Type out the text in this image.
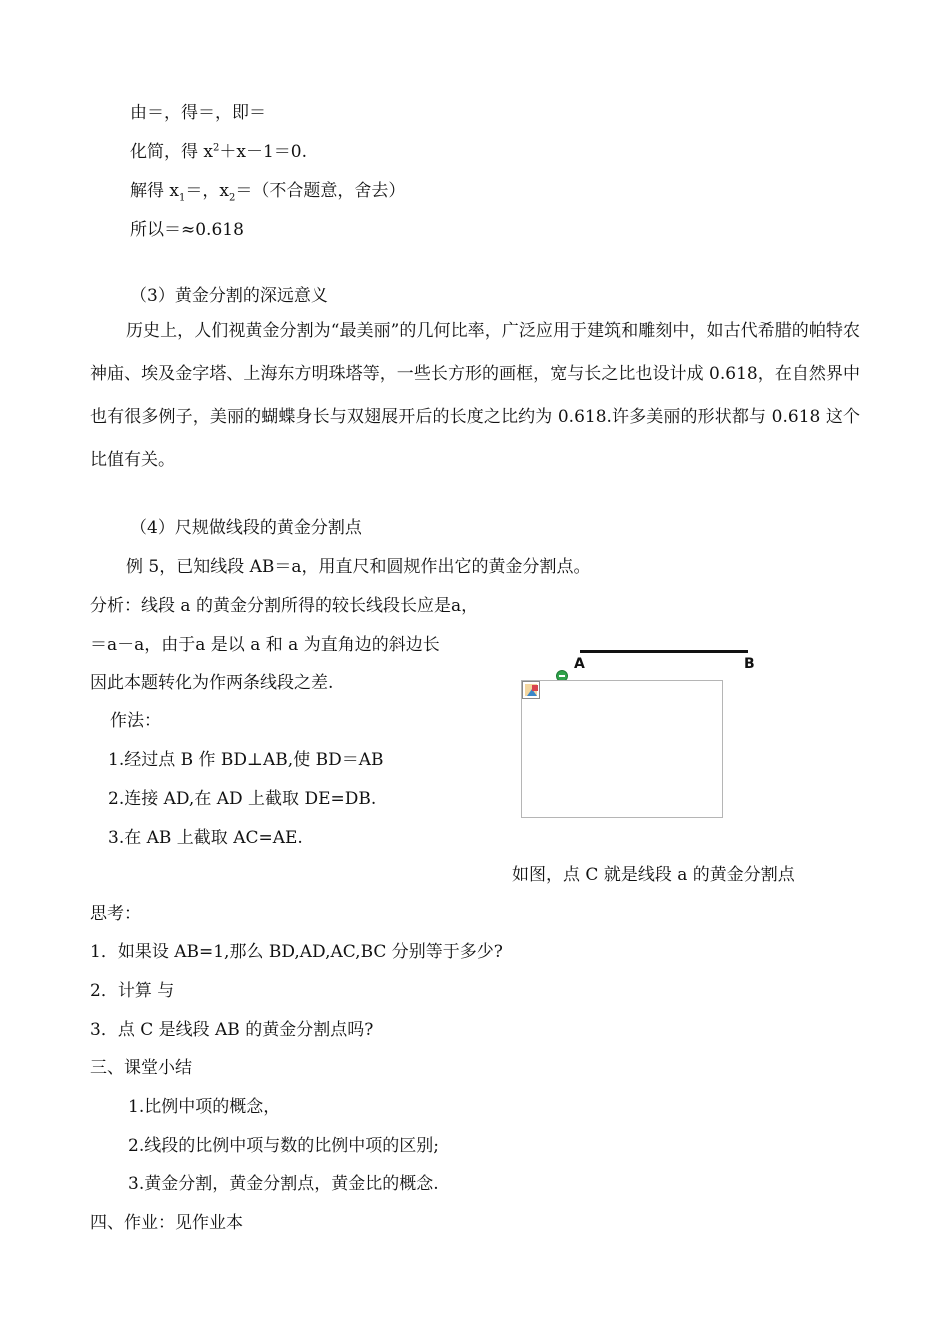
由＝，得＝，即＝
化简，得 $x^2+x-1=0$.
解得 $x_1=$，$x_2=$（不合题意，舍去）
所以＝≈0.618
（3）黄金分割的深远意义
历史上，人们视黄金分割为“最美丽”的几何比率，广泛应用于建筑和雕刻中，如古代希腊的帕特农神庙、埃及金字塔、上海东方明珠塔等，一些长方形的画框，宽与长之比也设计成 0.618，在自然界中也有很多例子，美丽的蝴蝶身长与双翅展开后的长度之比约为 0.618.许多美丽的形状都与 0.618 这个比值有关。
（4）尺规做线段的黄金分割点
例 5，已知线段 AB＝a，用直尺和圆规作出它的黄金分割点。
分析：线段 a 的黄金分割所得的较长线段长应是a，
＝a－a，由于a 是以 a 和 a 为直角边的斜边长
因此本题转化为作两条线段之差.
作法：
1.经过点 B 作 BD⊥AB,使 BD＝AB
2.连接 AD,在 AD 上截取 DE=DB.
3.在 AB 上截取 AC=AE.
A	B
如图，点 C 就是线段 a 的黄金分割点
思考：
1．如果设 AB=1,那么 BD,AD,AC,BC 分别等于多少?
2．计算 与
3．点 C 是线段 AB 的黄金分割点吗?
三、课堂小结
1.比例中项的概念，
2.线段的比例中项与数的比例中项的区别;
3.黄金分割，黄金分割点，黄金比的概念.
四、作业：见作业本
